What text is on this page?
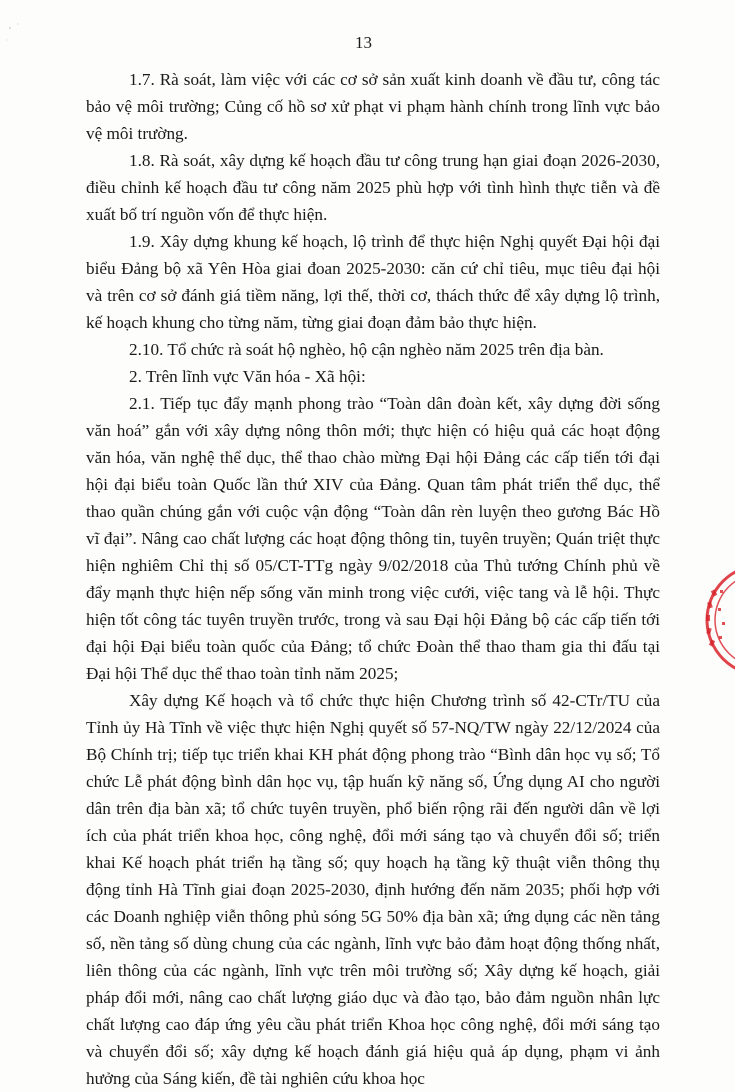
13

1.7. Rà soát, làm việc với các cơ sở sản xuất kinh doanh về đầu tư, công tác bảo vệ môi trường; Củng cố hồ sơ xử phạt vi phạm hành chính trong lĩnh vực bảo vệ môi trường.

1.8. Rà soát, xây dựng kế hoạch đầu tư công trung hạn giai đoạn 2026-2030, điều chỉnh kế hoạch đầu tư công năm 2025 phù hợp với tình hình thực tiễn và đề xuất bố trí nguồn vốn để thực hiện.

1.9. Xây dựng khung kế hoạch, lộ trình để thực hiện Nghị quyết Đại hội đại biểu Đảng bộ xã Yên Hòa giai đoan 2025-2030: căn cứ chỉ tiêu, mục tiêu đại hội và trên cơ sở đánh giá tiềm năng, lợi thế, thời cơ, thách thức để xây dựng lộ trình, kế hoạch khung cho từng năm, từng giai đoạn đảm bảo thực hiện.

2.10. Tổ chức rà soát hộ nghèo, hộ cận nghèo năm 2025 trên địa bàn.

2. Trên lĩnh vực Văn hóa - Xã hội:

2.1. Tiếp tục đẩy mạnh phong trào “Toàn dân đoàn kết, xây dựng đời sống văn hoá” gắn với xây dựng nông thôn mới; thực hiện có hiệu quả các hoạt động văn hóa, văn nghệ thể dục, thể thao chào mừng Đại hội Đảng các cấp tiến tới đại hội đại biểu toàn Quốc lần thứ XIV của Đảng. Quan tâm phát triển thể dục, thể thao quần chúng gắn với cuộc vận động “Toàn dân rèn luyện theo gương Bác Hồ vĩ đại”. Nâng cao chất lượng các hoạt động thông tin, tuyên truyền; Quán triệt thực hiện nghiêm Chỉ thị số 05/CT-TTg ngày 9/02/2018 của Thủ tướng Chính phủ về đẩy mạnh thực hiện nếp sống văn minh trong việc cưới, việc tang và lễ hội. Thực hiện tốt công tác tuyên truyền trước, trong và sau Đại hội Đảng bộ các cấp tiến tới đại hội Đại biểu toàn quốc của Đảng; tổ chức Đoàn thể thao tham gia thi đấu tại Đại hội Thể dục thể thao toàn tỉnh năm 2025;

Xây dựng Kế hoạch và tổ chức thực hiện Chương trình số 42-CTr/TU của Tỉnh ủy Hà Tĩnh về việc thực hiện Nghị quyết số 57-NQ/TW ngày 22/12/2024 của Bộ Chính trị; tiếp tục triển khai KH phát động phong trào “Bình dân học vụ số; Tổ chức Lễ phát động bình dân học vụ, tập huấn kỹ năng số, Ứng dụng AI cho người dân trên địa bàn xã; tổ chức tuyên truyền, phổ biến rộng rãi đến người dân về lợi ích của phát triển khoa học, công nghệ, đổi mới sáng tạo và chuyển đổi số; triển khai Kế hoạch phát triển hạ tầng số; quy hoạch hạ tầng kỹ thuật viễn thông thụ động tỉnh Hà Tĩnh giai đoạn 2025-2030, định hướng đến năm 2035; phối hợp với các Doanh nghiệp viễn thông phủ sóng 5G 50% địa bàn xã; ứng dụng các nền tảng số, nền tảng số dùng chung của các ngành, lĩnh vực bảo đảm hoạt động thống nhất, liên thông của các ngành, lĩnh vực trên môi trường số; Xây dựng kế hoạch, giải pháp đổi mới, nâng cao chất lượng giáo dục và đào tạo, bảo đảm nguồn nhân lực chất lượng cao đáp ứng yêu cầu phát triển Khoa học công nghệ, đổi mới sáng tạo và chuyển đổi số; xây dựng kế hoạch đánh giá hiệu quả áp dụng, phạm vi ảnh hưởng của Sáng kiến, đề tài nghiên cứu khoa học
